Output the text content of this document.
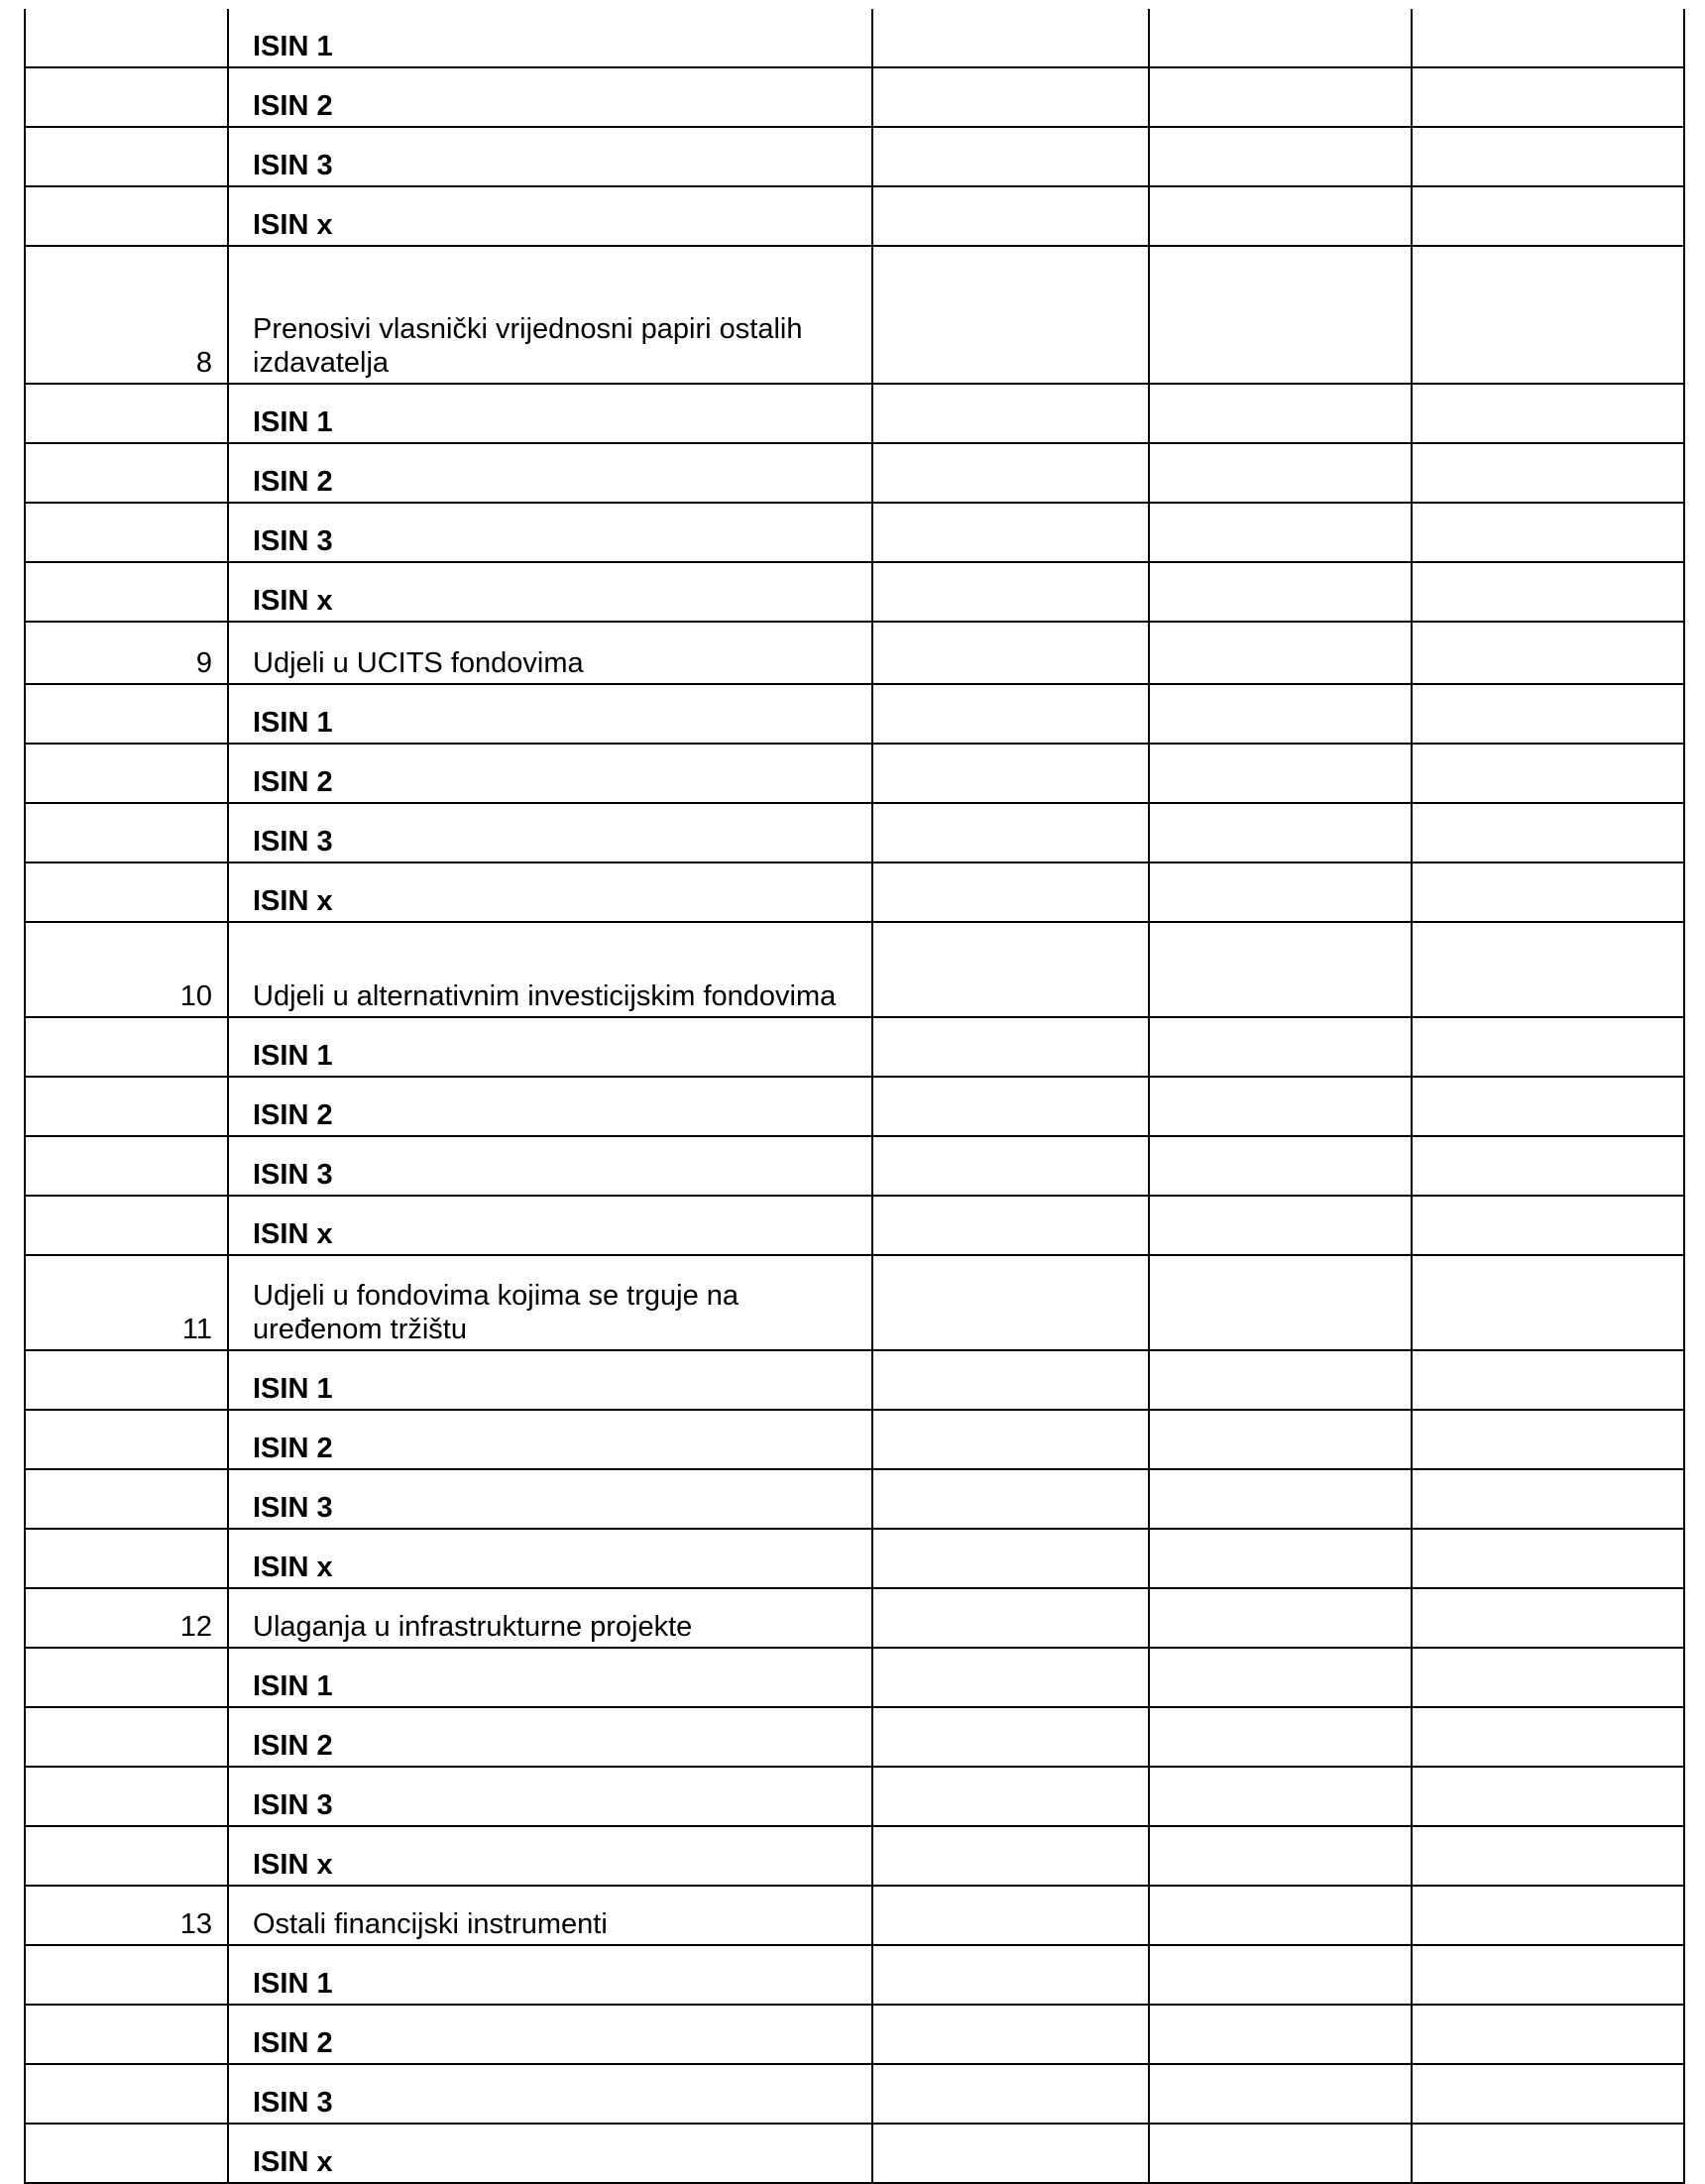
	ISIN 1			
	ISIN 2			
	ISIN 3			
	ISIN x			
8	Prenosivi vlasnički vrijednosni papiri ostalih izdavatelja			
	ISIN 1			
	ISIN 2			
	ISIN 3			
	ISIN x			
9	Udjeli u UCITS fondovima			
	ISIN 1			
	ISIN 2			
	ISIN 3			
	ISIN x			
10	Udjeli u alternativnim investicijskim fondovima			
	ISIN 1			
	ISIN 2			
	ISIN 3			
	ISIN x			
11	Udjeli u fondovima kojima se trguje na uređenom tržištu			
	ISIN 1			
	ISIN 2			
	ISIN 3			
	ISIN x			
12	Ulaganja u infrastrukturne projekte			
	ISIN 1			
	ISIN 2			
	ISIN 3			
	ISIN x			
13	Ostali financijski instrumenti			
	ISIN 1			
	ISIN 2			
	ISIN 3			
	ISIN x			
